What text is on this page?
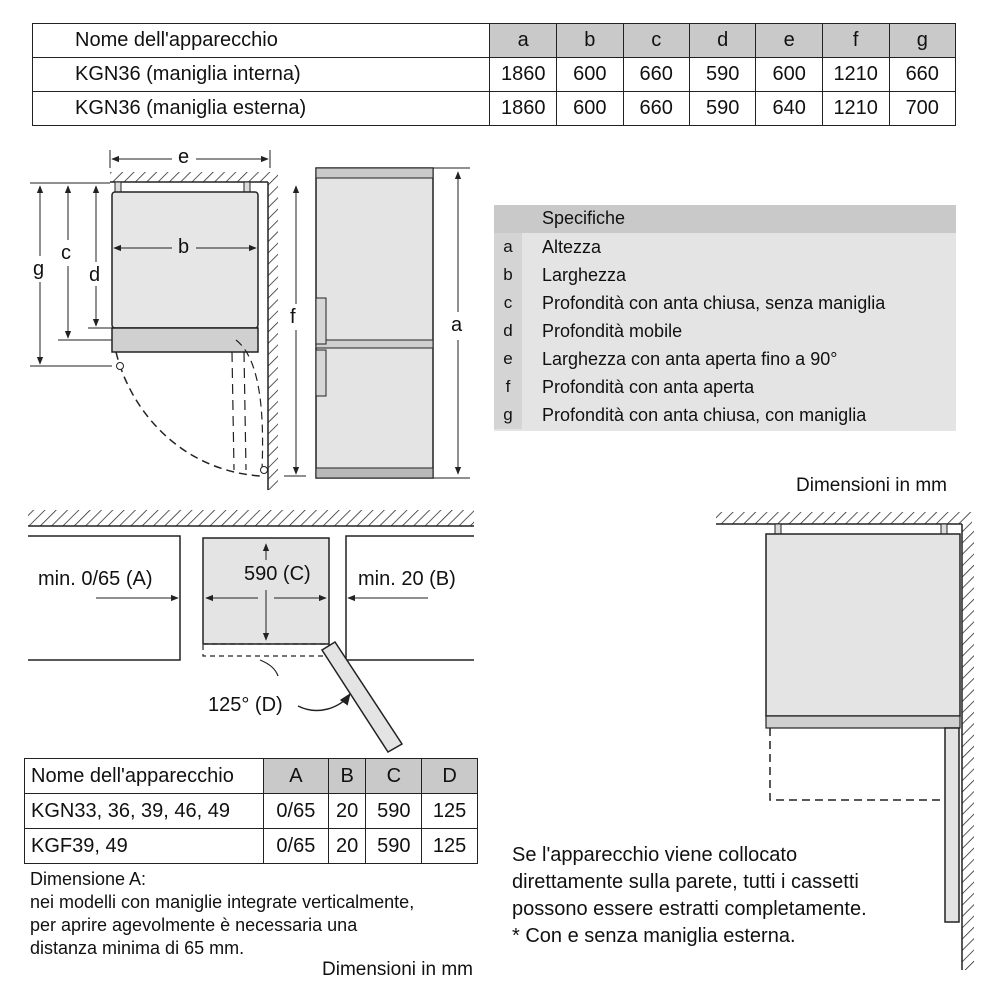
Nome dell'apparecchio	a	b	c	d	e	f	g
KGN36 (maniglia interna)	1860	600	660	590	600	1210	660
KGN36 (maniglia esterna)	1860	600	660	590	640	1210	700
e
b
g
c
d
f	a
min. 0/65 (A)	min. 20 (B)
590 (C)
125° (D)
Specifiche
a	Altezza
b	Larghezza
c	Profondità con anta chiusa, senza maniglia
d	Profondità mobile
e	Larghezza con anta aperta fino a 90°
f	Profondità con anta aperta
g	Profondità con anta chiusa, con maniglia
Dimensioni in mm
Nome dell'apparecchio	A	B	C	D
KGN33, 36, 39, 46, 49	0/65	20	590	125
KGF39, 49	0/65	20	590	125
Dimensione A:
nei modelli con maniglie integrate verticalmente,
per aprire agevolmente è necessaria una
distanza minima di 65 mm.
Dimensioni in mm
Se l'apparecchio viene collocato
direttamente sulla parete, tutti i cassetti
possono essere estratti completamente.
* Con e senza maniglia esterna.
